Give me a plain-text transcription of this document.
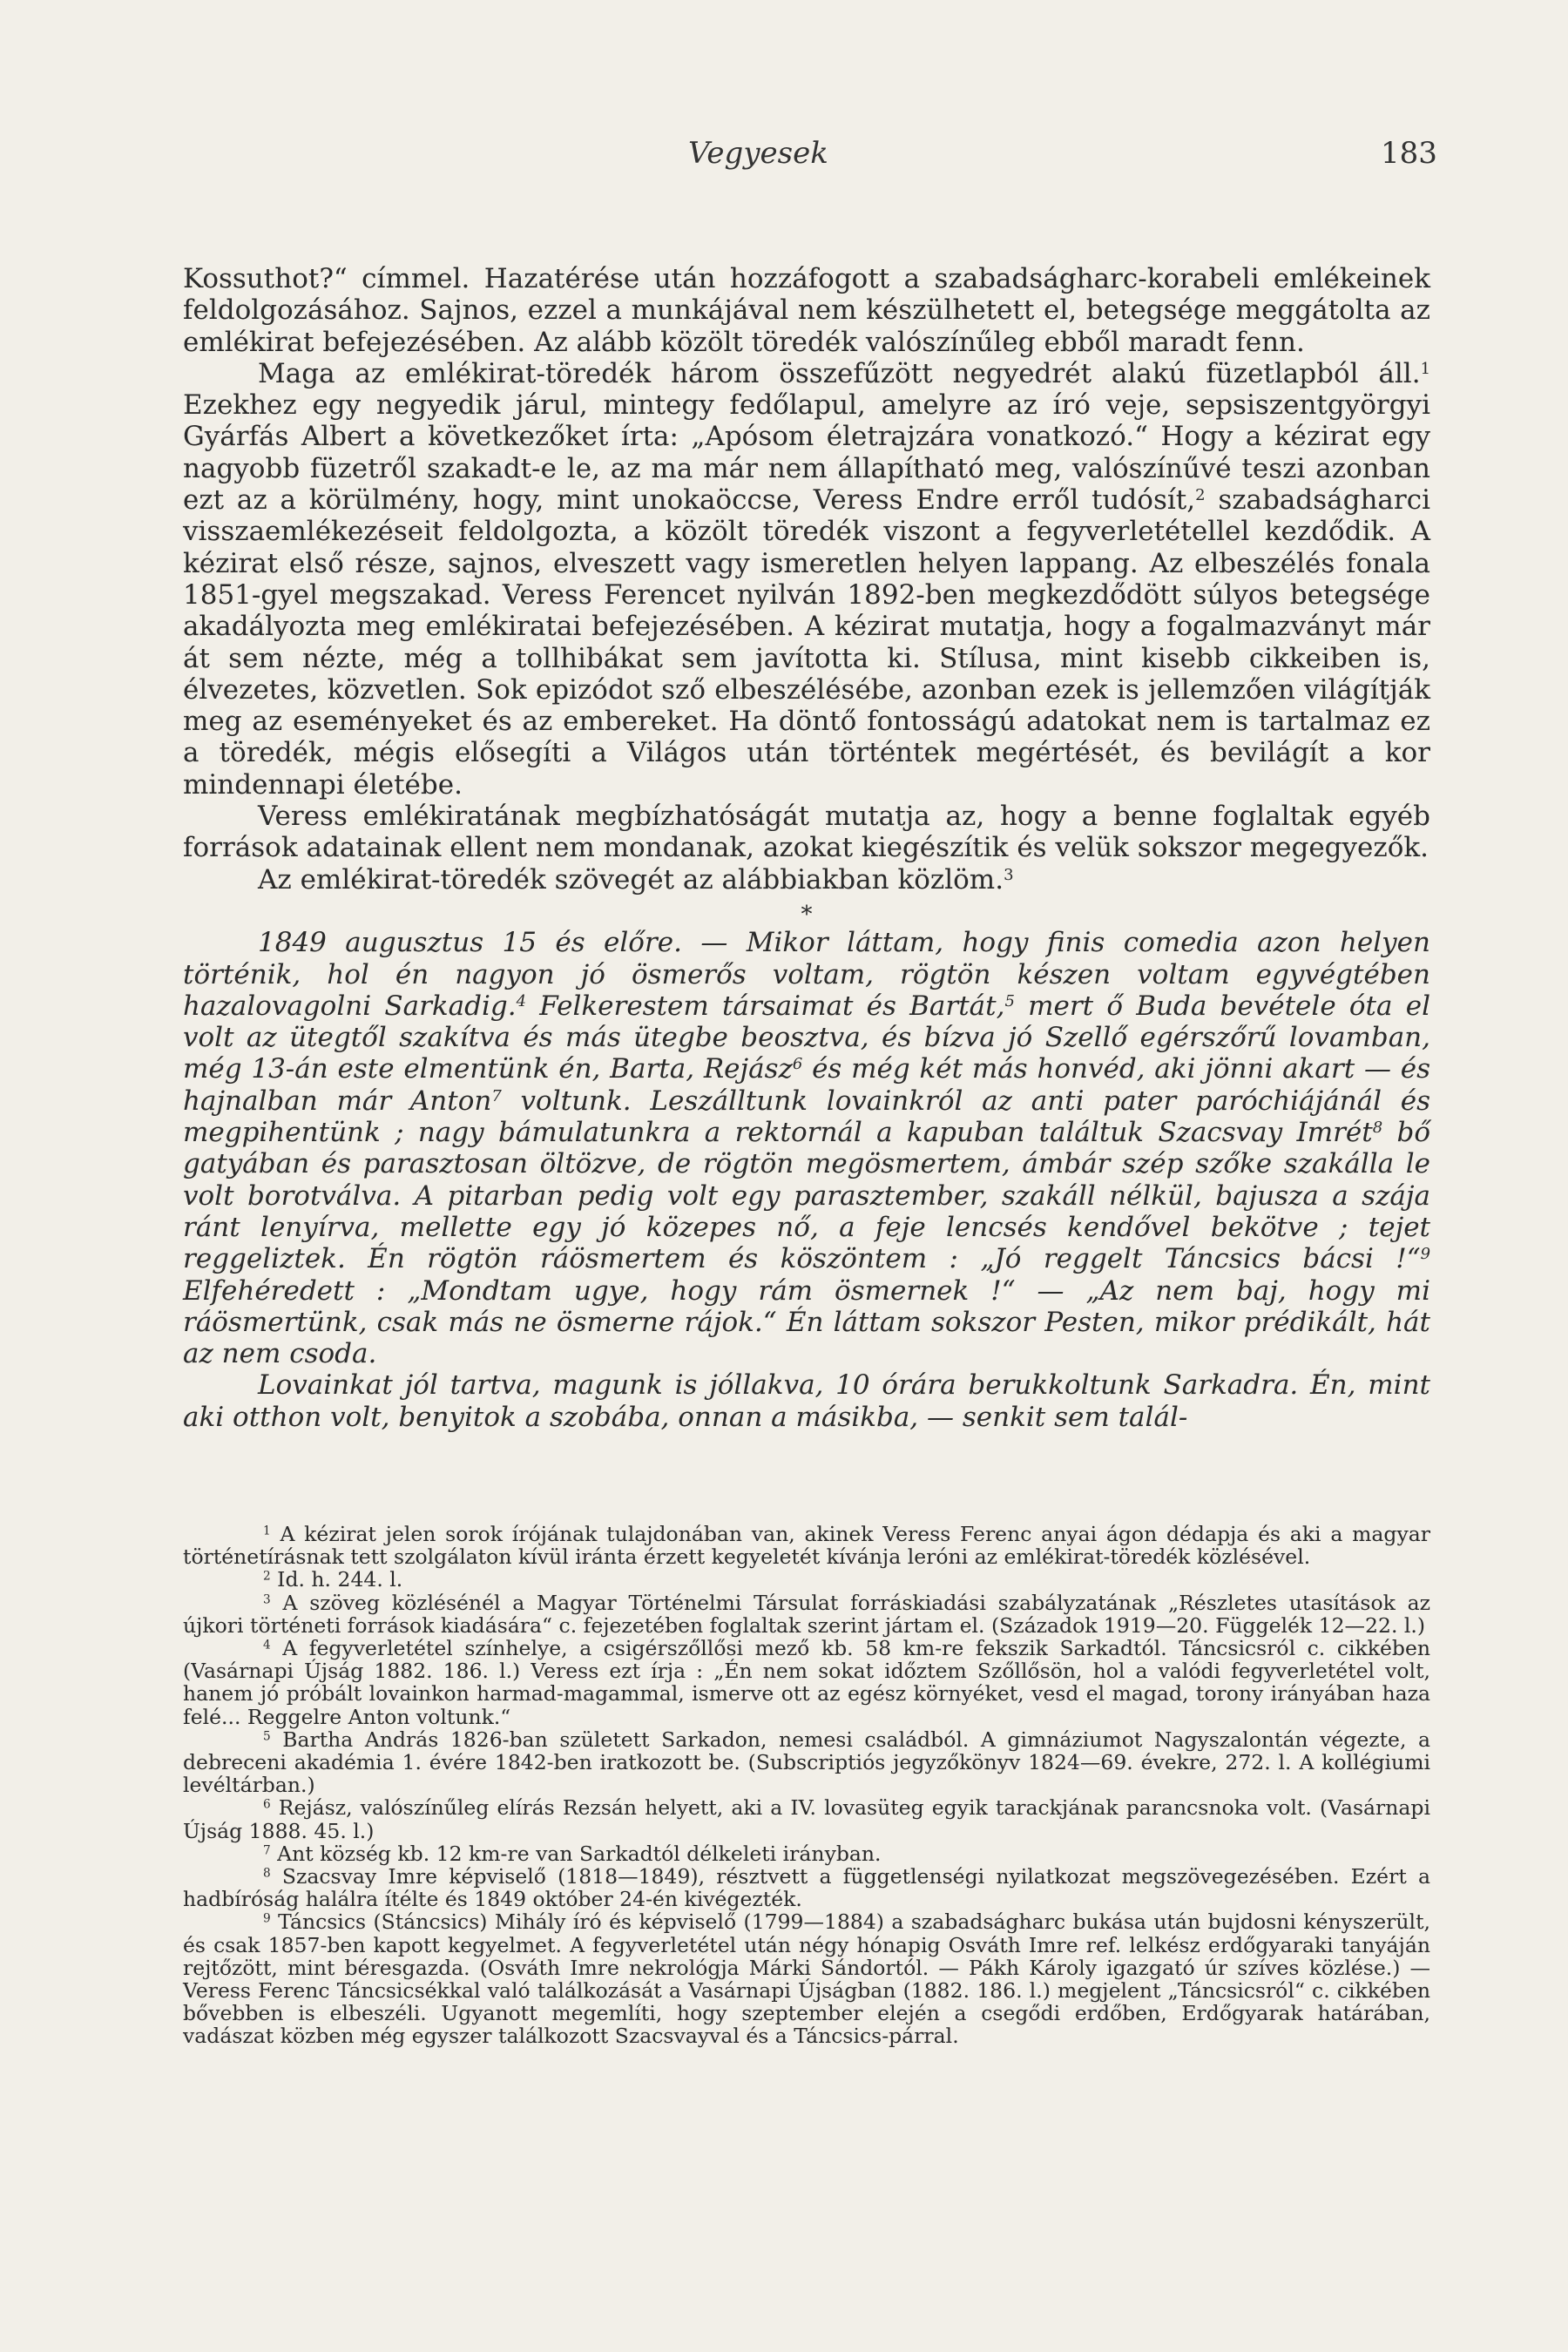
Vegyesek	183

Kossuthot?“ címmel. Hazatérése után hozzáfogott a szabadságharc-korabeli emlékeinek feldolgozásához. Sajnos, ezzel a munkájával nem készülhetett el, betegsége meggátolta az emlékirat befejezésében. Az alább közölt töredék valószínűleg ebből maradt fenn.

Maga az emlékirat-töredék három összefűzött negyedrét alakú füzetlapból áll.$^1$ Ezekhez egy negyedik járul, mintegy fedőlapul, amelyre az író veje, sepsiszentgyörgyi Gyárfás Albert a következőket írta: „Apósom életrajzára vonatkozó.“ Hogy a kézirat egy nagyobb füzetről szakadt-e le, az ma már nem állapítható meg, valószínűvé teszi azonban ezt az a körülmény, hogy, mint unokaöccse, Veress Endre erről tudósít,$^2$ szabadságharci visszaemlékezéseit feldolgozta, a közölt töredék viszont a fegyverletétellel kezdődik. A kézirat első része, sajnos, elveszett vagy ismeretlen helyen lappang. Az elbeszélés fonala 1851-gyel megszakad. Veress Ferencet nyilván 1892-ben megkezdődött súlyos betegsége akadályozta meg emlékiratai befejezésében. A kézirat mutatja, hogy a fogalmazványt már át sem nézte, még a tollhibákat sem javította ki. Stílusa, mint kisebb cikkeiben is, élvezetes, közvetlen. Sok epizódot sző elbeszélésébe, azonban ezek is jellemzően világítják meg az eseményeket és az embereket. Ha döntő fontosságú adatokat nem is tartalmaz ez a töredék, mégis elősegíti a Világos után történtek megértését, és bevilágít a kor mindennapi életébe.

Veress emlékiratának megbízhatóságát mutatja az, hogy a benne foglaltak egyéb források adatainak ellent nem mondanak, azokat kiegészítik és velük sokszor megegyezők.

Az emlékirat-töredék szövegét az alábbiakban közlöm.$^3$

*

1849 augusztus 15 és előre. — Mikor láttam, hogy finis comedia azon helyen történik, hol én nagyon jó ösmerős voltam, rögtön készen voltam egyvégtében hazalovagolni Sarkadig.$^4$ Felkerestem társaimat és Bartát,$^5$ mert ő Buda bevétele óta el volt az ütegtől szakítva és más ütegbe beosztva, és bízva jó Szellő egérszőrű lovamban, még 13-án este elmentünk én, Barta, Rejász$^6$ és még két más honvéd, aki jönni akart — és hajnalban már Anton$^7$ voltunk. Leszálltunk lovainkról az anti pater paróchiájánál és megpihentünk ; nagy bámulatunkra a rektornál a kapuban találtuk Szacsvay Imrét$^8$ bő gatyában és parasztosan öltözve, de rögtön megösmertem, ámbár szép szőke szakálla le volt borotválva. A pitarban pedig volt egy parasztember, szakáll nélkül, bajusza a szája ránt lenyírva, mellette egy jó közepes nő, a feje lencsés kendővel bekötve ; tejet reggeliztek. Én rögtön ráösmertem és köszöntem : „Jó reggelt Táncsics bácsi !“$^9$ Elfehéredett : „Mondtam ugye, hogy rám ösmernek !“ — „Az nem baj, hogy mi ráösmertünk, csak más ne ösmerne rájok.“ Én láttam sokszor Pesten, mikor prédikált, hát az nem csoda.

Lovainkat jól tartva, magunk is jóllakva, 10 órára berukkoltunk Sarkadra. Én, mint aki otthon volt, benyitok a szobába, onnan a másikba, — senkit sem talál-

$^1$ A kézirat jelen sorok írójának tulajdonában van, akinek Veress Ferenc anyai ágon dédapja és aki a magyar történetírásnak tett szolgálaton kívül iránta érzett kegyeletét kívánja leróni az emlékirat-töredék közlésével.

$^2$ Id. h. 244. l.

$^3$ A szöveg közlésénél a Magyar Történelmi Társulat forráskiadási szabályzatának „Részletes utasítások az újkori történeti források kiadására“ c. fejezetében foglaltak szerint jártam el. (Századok 1919—20. Függelék 12—22. l.)

$^4$ A fegyverletétel színhelye, a csigérszőllősi mező kb. 58 km-re fekszik Sarkadtól. Táncsicsról c. cikkében (Vasárnapi Újság 1882. 186. l.) Veress ezt írja : „Én nem sokat időztem Szőllősön, hol a valódi fegyverletétel volt, hanem jó próbált lovainkon harmad-magammal, ismerve ott az egész környéket, vesd el magad, torony irányában haza felé... Reggelre Anton voltunk.“

$^5$ Bartha András 1826-ban született Sarkadon, nemesi családból. A gimnáziumot Nagyszalontán végezte, a debreceni akadémia 1. évére 1842-ben iratkozott be. (Subscriptiós jegyzőkönyv 1824—69. évekre, 272. l. A kollégiumi levéltárban.)

$^6$ Rejász, valószínűleg elírás Rezsán helyett, aki a IV. lovasüteg egyik tarackjának parancsnoka volt. (Vasárnapi Újság 1888. 45. l.)

$^7$ Ant község kb. 12 km-re van Sarkadtól délkeleti irányban.

$^8$ Szacsvay Imre képviselő (1818—1849), résztvett a függetlenségi nyilatkozat megszövegezésében. Ezért a hadbíróság halálra ítélte és 1849 október 24-én kivégezték.

$^9$ Táncsics (Stáncsics) Mihály író és képviselő (1799—1884) a szabadságharc bukása után bujdosni kényszerült, és csak 1857-ben kapott kegyelmet. A fegyverletétel után négy hónapig Osváth Imre ref. lelkész erdőgyaraki tanyáján rejtőzött, mint béresgazda. (Osváth Imre nekrológja Márki Sándortól. — Pákh Károly igazgató úr szíves közlése.) — Veress Ferenc Táncsicsékkal való találkozását a Vasárnapi Újságban (1882. 186. l.) megjelent „Táncsicsról“ c. cikkében bővebben is elbeszéli. Ugyanott megemlíti, hogy szeptember elején a csegődi erdőben, Erdőgyarak határában, vadászat közben még egyszer találkozott Szacsvayval és a Táncsics-párral.
